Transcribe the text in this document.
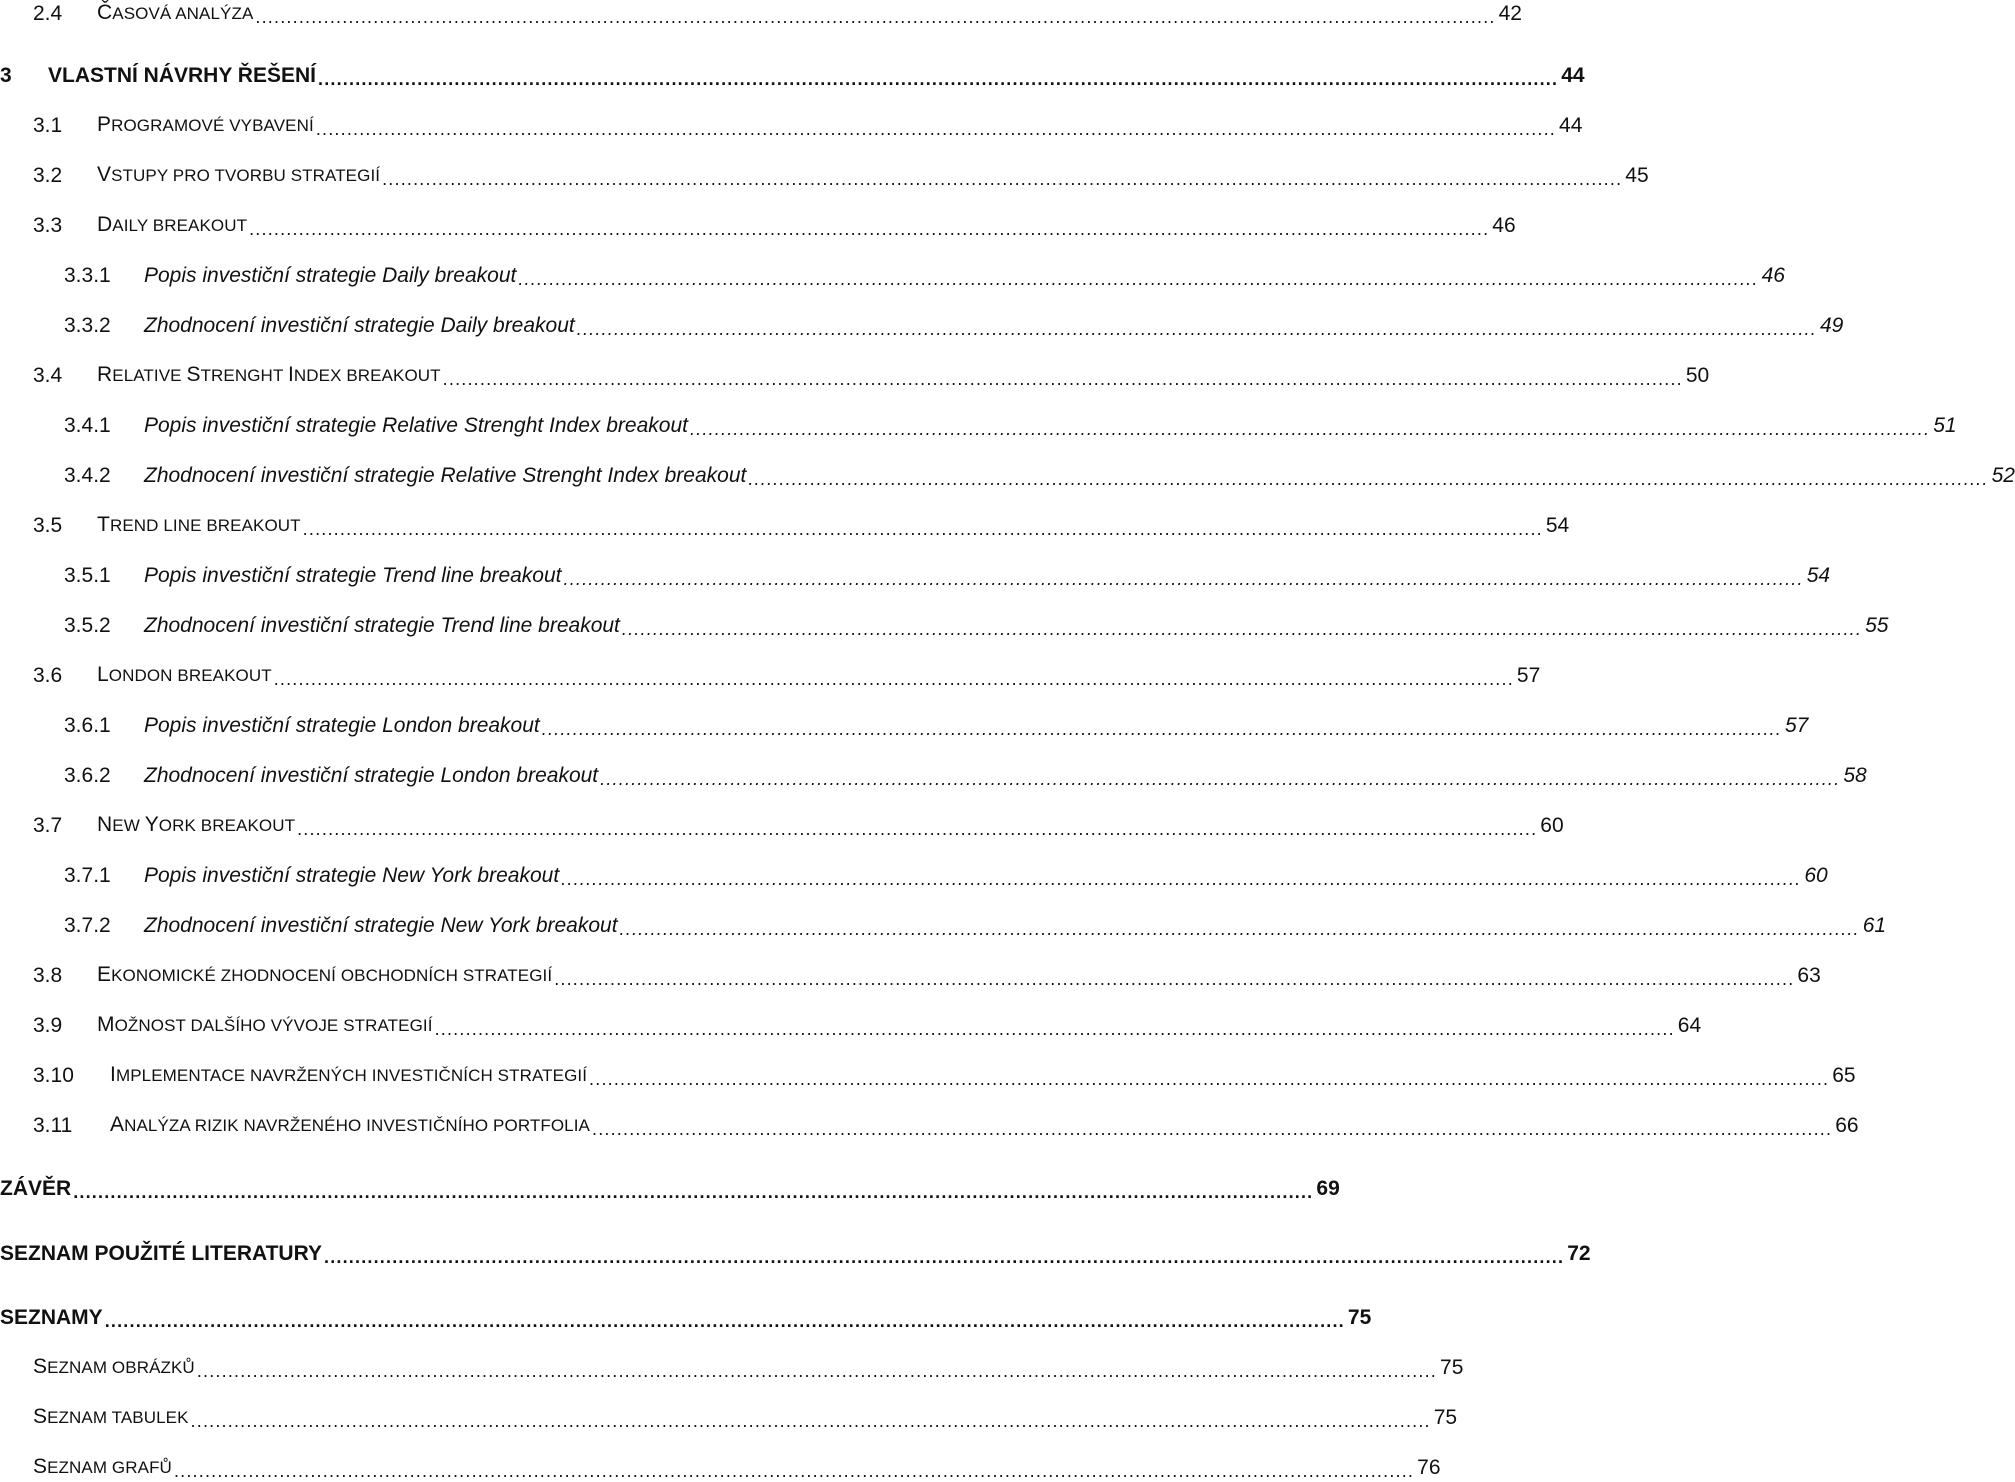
2.4	ČASOVÁ ANALÝZA ........................................................................................................................................................................................................ 42
3	VLASTNÍ NÁVRHY ŘEŠENÍ ........................................................................................................................................................................................................ 44
3.1	PROGRAMOVÉ VYBAVENÍ ........................................................................................................................................................................................................ 44
3.2	VSTUPY PRO TVORBU STRATEGIÍ ........................................................................................................................................................................................................ 45
3.3	DAILY BREAKOUT ........................................................................................................................................................................................................ 46
3.3.1	Popis investiční strategie Daily breakout ........................................................................................................................................................................................................ 46
3.3.2	Zhodnocení investiční strategie Daily breakout ........................................................................................................................................................................................................ 49
3.4	RELATIVE STRENGHT INDEX BREAKOUT ........................................................................................................................................................................................................ 50
3.4.1	Popis investiční strategie Relative Strenght Index breakout ........................................................................................................................................................................................................ 51
3.4.2	Zhodnocení investiční strategie Relative Strenght Index breakout ........................................................................................................................................................................................................ 52
3.5	TREND LINE BREAKOUT ........................................................................................................................................................................................................ 54
3.5.1	Popis investiční strategie Trend line breakout ........................................................................................................................................................................................................ 54
3.5.2	Zhodnocení investiční strategie Trend line breakout ........................................................................................................................................................................................................ 55
3.6	LONDON BREAKOUT ........................................................................................................................................................................................................ 57
3.6.1	Popis investiční strategie London breakout ........................................................................................................................................................................................................ 57
3.6.2	Zhodnocení investiční strategie London breakout ........................................................................................................................................................................................................ 58
3.7	NEW YORK BREAKOUT ........................................................................................................................................................................................................ 60
3.7.1	Popis investiční strategie New York breakout ........................................................................................................................................................................................................ 60
3.7.2	Zhodnocení investiční strategie New York breakout ........................................................................................................................................................................................................ 61
3.8	EKONOMICKÉ ZHODNOCENÍ OBCHODNÍCH STRATEGIÍ ........................................................................................................................................................................................................ 63
3.9	MOŽNOST DALŠÍHO VÝVOJE STRATEGIÍ ........................................................................................................................................................................................................ 64
3.10	IMPLEMENTACE NAVRŽENÝCH INVESTIČNÍCH STRATEGIÍ ........................................................................................................................................................................................................ 65
3.11	ANALÝZA RIZIK NAVRŽENÉHO INVESTIČNÍHO PORTFOLIA ........................................................................................................................................................................................................ 66
ZÁVĚR ........................................................................................................................................................................................................ 69
SEZNAM POUŽITÉ LITERATURY ........................................................................................................................................................................................................ 72
SEZNAMY ........................................................................................................................................................................................................ 75
SEZNAM OBRÁZKŮ ........................................................................................................................................................................................................ 75
SEZNAM TABULEK ........................................................................................................................................................................................................ 75
SEZNAM GRAFŮ ........................................................................................................................................................................................................ 76
